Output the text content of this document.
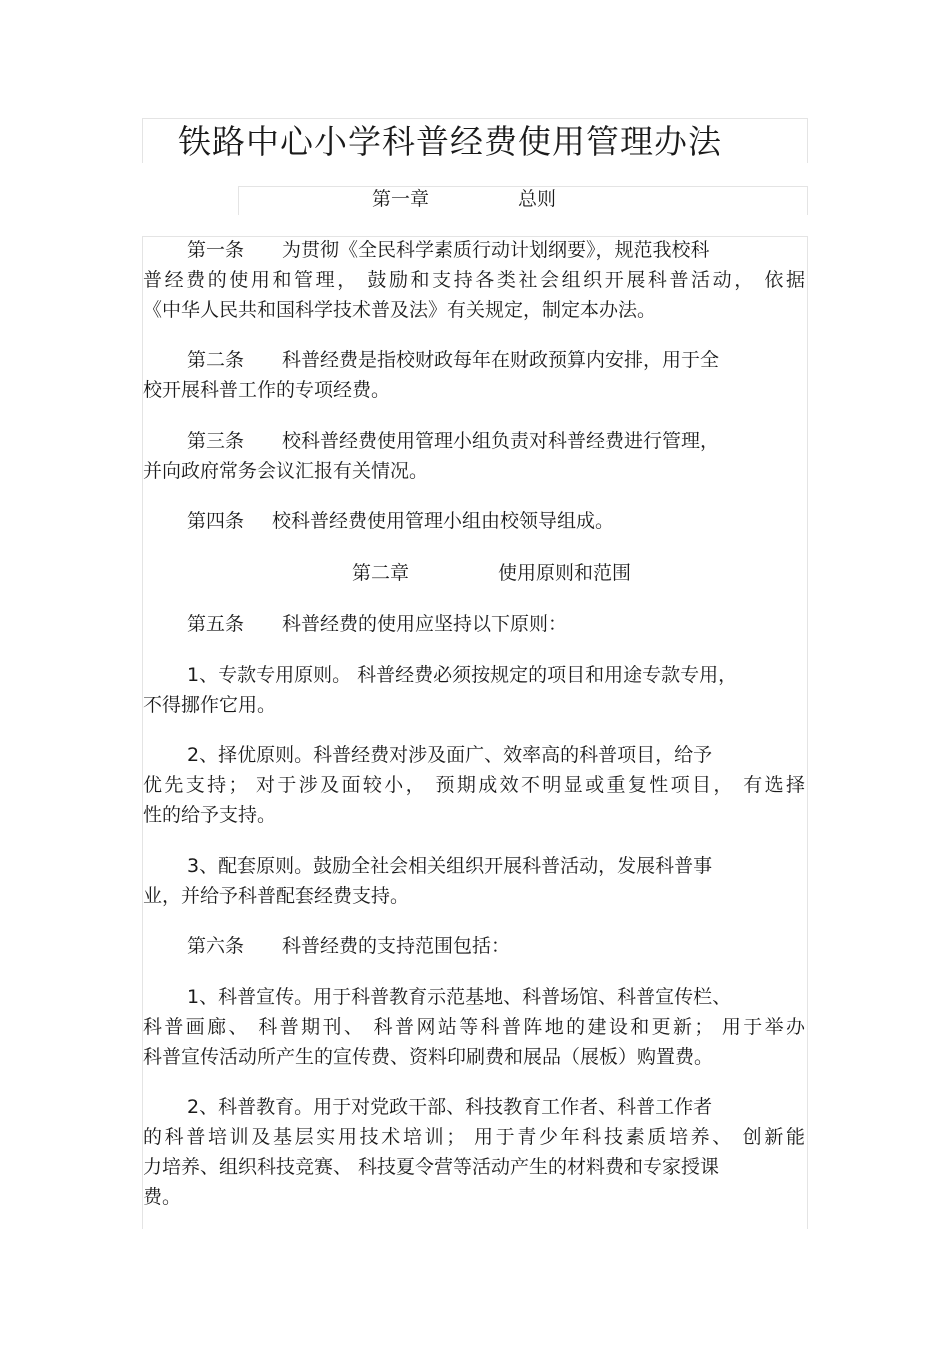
铁路中心小学科普经费使用管理办法
第一章	总则
第一条 为贯彻《全民科学素质行动计划纲要》，规范我校科
普经费的使用和管理， 鼓励和支持各类社会组织开展科普活动， 依据
《中华人民共和国科学技术普及法》有关规定，制定本办法。
第二条 科普经费是指校财政每年在财政预算内安排，用于全
校开展科普工作的专项经费。
第三条 校科普经费使用管理小组负责对科普经费进行管理，
并向政府常务会议汇报有关情况。
第四条 校科普经费使用管理小组由校领导组成。
第二章	使用原则和范围
第五条 科普经费的使用应坚持以下原则：
1、专款专用原则。 科普经费必须按规定的项目和用途专款专用，
不得挪作它用。
2、择优原则。科普经费对涉及面广、效率高的科普项目，给予
优先支持； 对于涉及面较小， 预期成效不明显或重复性项目， 有选择
性的给予支持。
3、配套原则。鼓励全社会相关组织开展科普活动，发展科普事
业，并给予科普配套经费支持。
第六条 科普经费的支持范围包括：
1、科普宣传。用于科普教育示范基地、科普场馆、科普宣传栏、
科普画廊、 科普期刊、 科普网站等科普阵地的建设和更新； 用于举办
科普宣传活动所产生的宣传费、资料印刷费和展品（展板）购置费。
2、科普教育。用于对党政干部、科技教育工作者、科普工作者
的科普培训及基层实用技术培训； 用于青少年科技素质培养、 创新能
力培养、组织科技竞赛、 科技夏令营等活动产生的材料费和专家授课
费。
